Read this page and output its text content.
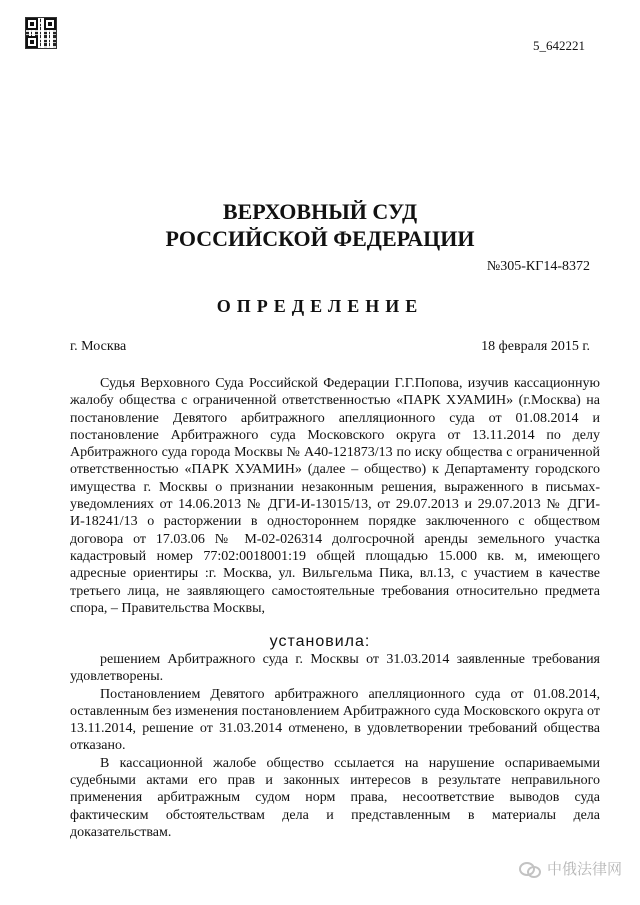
5_642221
ВЕРХОВНЫЙ СУД
РОССИЙСКОЙ ФЕДЕРАЦИИ
№305-КГ14-8372
ОПРЕДЕЛЕНИЕ
г. Москва	18 февраля 2015 г.

Судья Верховного Суда Российской Федерации Г.Г.Попова, изучив кассационную жалобу общества с ограниченной ответственностью «ПАРК ХУАМИН» (г.Москва) на постановление Девятого арбитражного апелляционного суда от 01.08.2014 и постановление Арбитражного суда Московского округа от 13.11.2014 по делу Арбитражного суда города Москвы № А40-121873/13 по иску общества с ограниченной ответственностью «ПАРК ХУАМИН» (далее – общество) к Департаменту городского имущества г. Москвы о признании незаконным решения, выраженного в письмах-уведомлениях от 14.06.2013 № ДГИ-И-13015/13, от 29.07.2013 и 29.07.2013 № ДГИ-И-18241/13 о расторжении в одностороннем порядке заключенного с обществом договора от 17.03.06 № М-02-026314 долгосрочной аренды земельного участка кадастровый номер 77:02:0018001:19 общей площадью 15.000 кв. м, имеющего адресные ориентиры :г. Москва, ул. Вильгельма Пика, вл.13, с участием в качестве третьего лица, не заявляющего самостоятельные требования относительно предмета спора, – Правительства Москвы,

установила:

решением Арбитражного суда г. Москвы от 31.03.2014 заявленные требования удовлетворены.

Постановлением Девятого арбитражного апелляционного суда от 01.08.2014, оставленным без изменения постановлением Арбитражного суда Московского округа от 13.11.2014, решение от 31.03.2014 отменено, в удовлетворении требований общества отказано.

В кассационной жалобе общество ссылается на нарушение оспариваемыми судебными актами его прав и законных интересов в результате неправильного применения арбитражным судом норм права, несоответствие выводов суда фактическим обстоятельствам дела и представленным в материалы дела доказательствам.

中俄法律网
